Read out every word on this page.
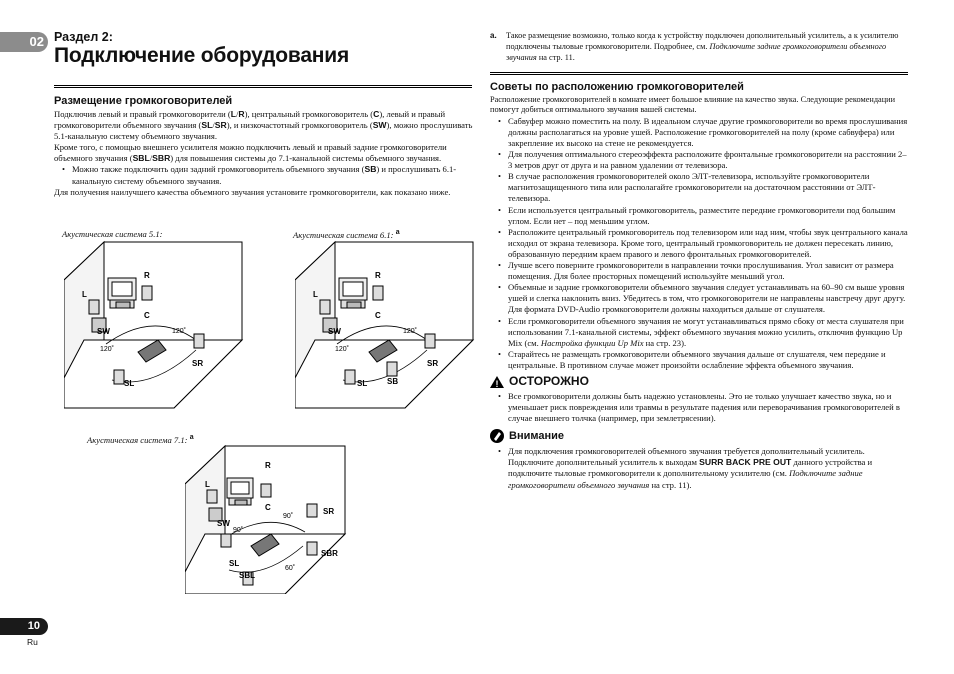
02 Раздел 2:
Подключение оборудования
Размещение громкоговорителей
Подключив левый и правый громкоговорители (L/R), центральный громкоговоритель (C), левый и правый громкоговорители объемного звучания (SL/SR), и низкочастотный громкоговоритель (SW), можно прослушивать 5.1-канальную систему объемного звучания.
Кроме того, с помощью внешнего усилителя можно подключить левый и правый задние громкоговорители объемного звучания (SBL/SBR) для повышения системы до 7.1-канальной системы объемного звучания.
• Можно также подключить один задний громкоговоритель объемного звучания (SB) и прослушивать 6.1-канальную систему объемного звучания.
Для получения наилучшего качества объемного звучания установите громкоговорители, как показано ниже.
Акустическая система 5.1:	Акустическая система 6.1: $^a$
Акустическая система 7.1: $^a$
L
R
C
SW
SL
SR
120˚
120˚
L
R
C
SW
SL SB
SR
120˚
120˚
L
R
C
SW
SL
SBL
SR
SBR
90˚
90˚
60˚
10
Ru
a. Такое размещение возможно, только когда к устройству подключен дополнительный усилитель, а к усилителю подключены тыловые громкоговорители. Подробнее, см. Подключите задние громкоговорители объемного звучания на стр. 11.
Советы по расположению громкоговорителей
Расположение громкоговорителей в комнате имеет большое влияние на качество звука. Следующие рекомендации помогут добиться оптимального звучания вашей системы.
• Сабвуфер можно поместить на полу. В идеальном случае другие громкоговорители во время прослушивания должны располагаться на уровне ушей. Расположение громкоговорителей на полу (кроме сабвуфера) или закрепление их высоко на стене не рекомендуется.
• Для получения оптимального стереоэффекта расположите фронтальные громкоговорители на расстоянии 2–3 метров друг от друга и на равном удалении от телевизора.
• В случае расположения громкоговорителей около ЭЛТ-телевизора, используйте громкоговорители магнитозащищенного типа или располагайте громкоговорители на достаточном расстоянии от ЭЛТ-телевизора.
• Если используется центральный громкоговоритель, разместите передние громкоговорители под большим углом. Если нет – под меньшим углом.
• Расположите центральный громкоговоритель под телевизором или над ним, чтобы звук центрального канала исходил от экрана телевизора. Кроме того, центральный громкоговоритель не должен пересекать линию, образованную передним краем правого и левого фронтальных громкоговорителей.
• Лучше всего поверните громкоговорители в направлении точки прослушивания. Угол зависит от размера помещения. Для более просторных помещений используйте меньший угол.
• Объемные и задние громкоговорители объемного звучания следует устанавливать на 60–90 см выше уровня ушей и слегка наклонить вниз. Убедитесь в том, что громкоговорители не направлены навстречу друг другу. Для формата DVD-Audio громкоговорители должны находиться дальше от слушателя.
• Если громкоговорители объемного звучания не могут устанавливаться прямо сбоку от места слушателя при использовании 7.1-канальной системы, эффект объемного звучания можно усилить, отключив функцию Up Mix (см. Настройка функции Up Mix на стр. 23).
• Старайтесь не размещать громкоговорители объемного звучания дальше от слушателя, чем передние и центральные. В противном случае может произойти ослабление эффекта объемного звучания.
! ОСТОРОЖНО
• Все громкоговорители должны быть надежно установлены. Это не только улучшает качество звука, но и уменьшает риск повреждения или травмы в результате падения или переворачивания громкоговорителей в случае внешнего толчка (например, при землетрясении).
Внимание
• Для подключения громкоговорителей объемного звучания требуется дополнительный усилитель. Подключите дополнительный усилитель к выходам SURR BACK PRE OUT данного устройства и подключите тыловые громкоговорители к дополнительному усилителю (см. Подключите задние громкоговорители объемного звучания на стр. 11).
